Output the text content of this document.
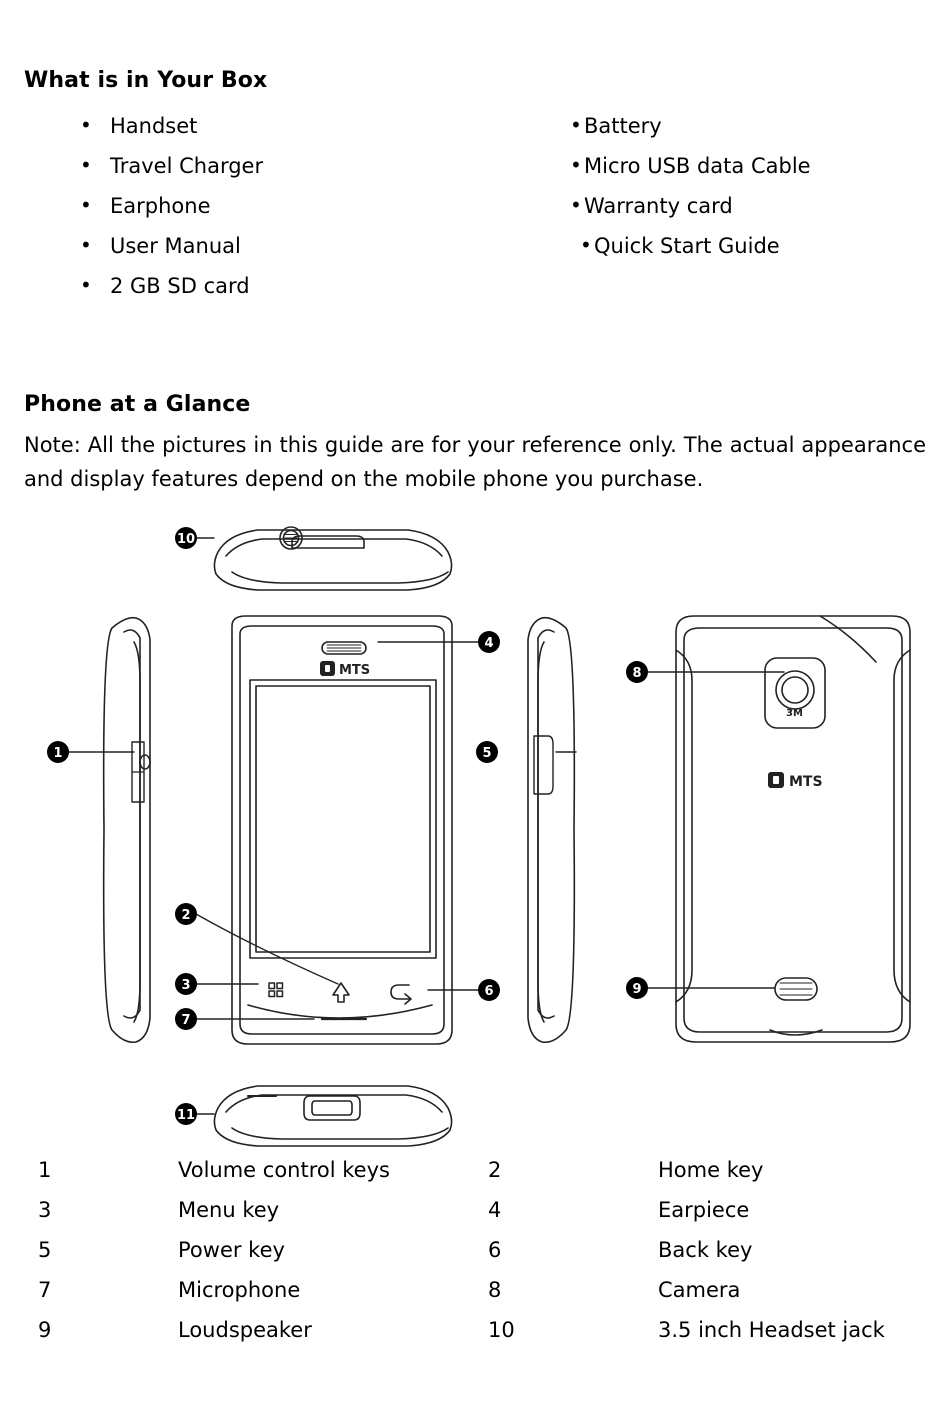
What is in Your Box
• Handset
• Travel Charger
• Earphone
• User Manual
• 2 GB SD card
• Battery
• Micro USB data Cable
• Warranty card
• Quick Start Guide
Phone at a Glance
Note: All the pictures in this guide are for your reference only. The actual appearance and display features depend on the mobile phone you purchase.
MTS
3M
MTS
10
11
1
4
5
3	6
2
7
8
9
1	Volume control keys	2	Home key
3	Menu key	4	Earpiece
5	Power key	6	Back key
7	Microphone	8	Camera
9	Loudspeaker	10	3.5 inch Headset jack
